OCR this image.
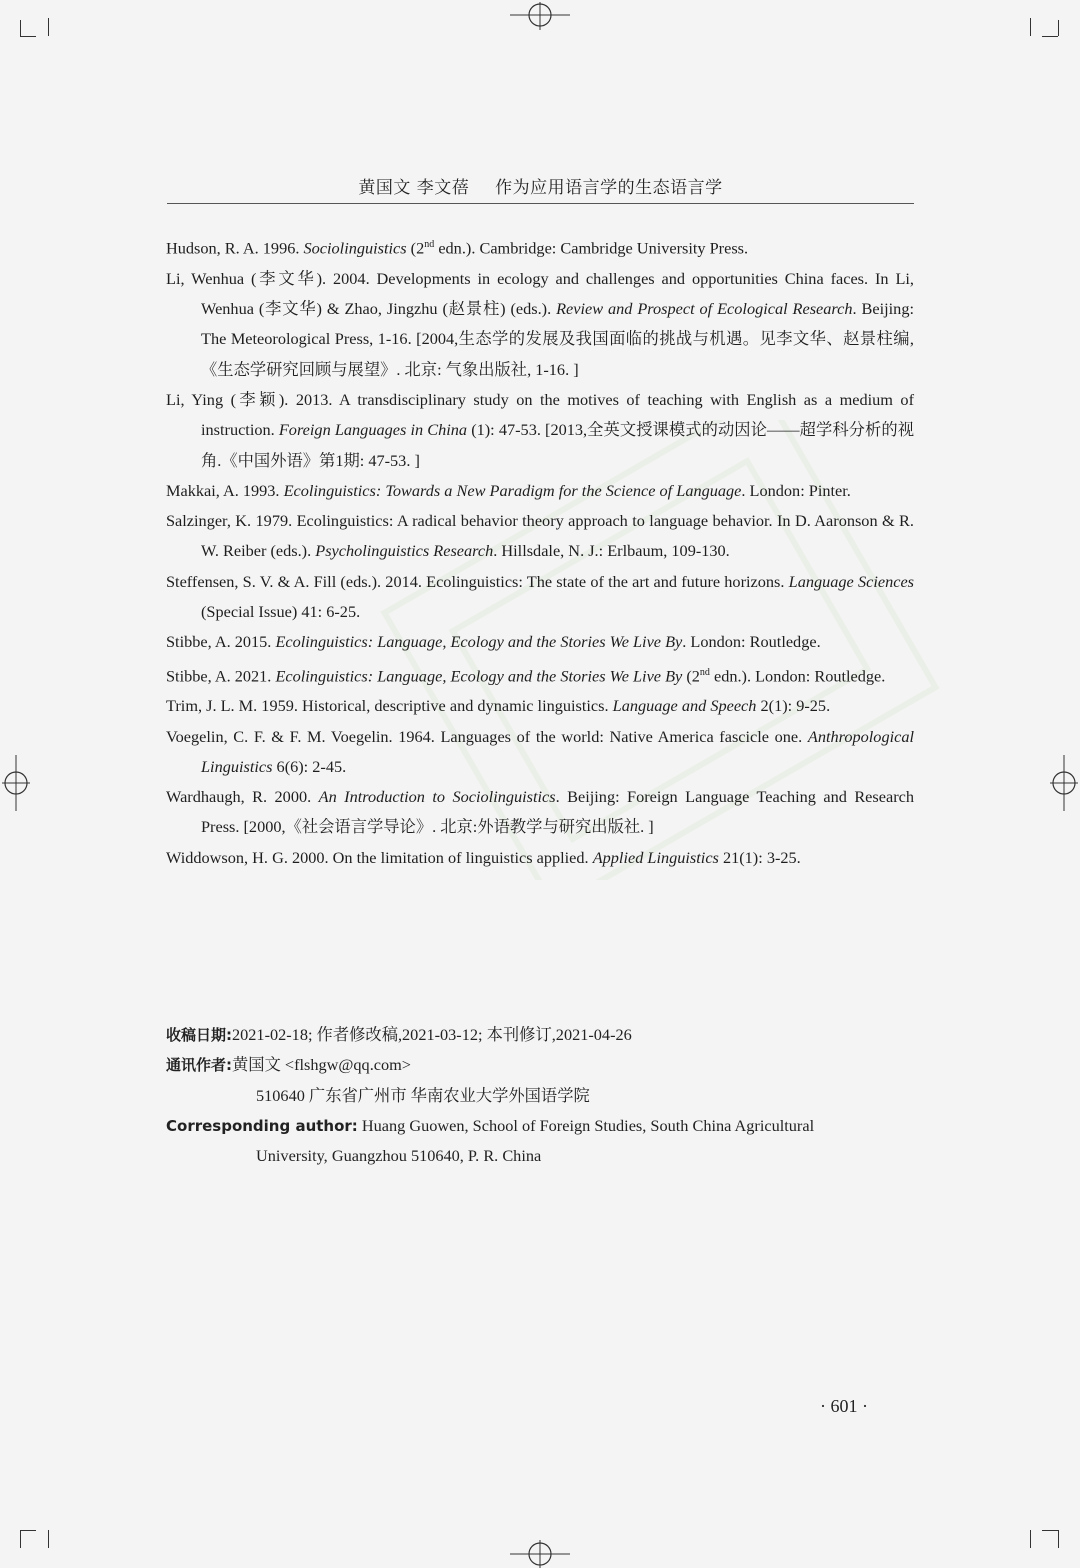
黄国文 李文蓓 作为应用语言学的生态语言学
Hudson, R. A. 1996. Sociolinguistics (2nd edn.). Cambridge: Cambridge University Press.
Li, Wenhua (李文华). 2004. Developments in ecology and challenges and opportunities China faces. In Li, Wenhua (李文华) & Zhao, Jingzhu (赵景柱) (eds.). Review and Prospect of Ecological Research. Beijing: The Meteorological Press, 1-16. [2004,生态学的发展及我国面临的挑战与机遇。见李文华、赵景柱编,《生态学研究回顾与展望》. 北京: 气象出版社, 1-16. ]
Li, Ying (李颖). 2013. A transdisciplinary study on the motives of teaching with English as a medium of instruction. Foreign Languages in China (1): 47-53. [2013,全英文授课模式的动因论——超学科分析的视角.《中国外语》第1期: 47-53. ]
Makkai, A. 1993. Ecolinguistics: Towards a New Paradigm for the Science of Language. London: Pinter.
Salzinger, K. 1979. Ecolinguistics: A radical behavior theory approach to language behavior. In D. Aaronson & R. W. Reiber (eds.). Psycholinguistics Research. Hillsdale, N. J.: Erlbaum, 109-130.
Steffensen, S. V. & A. Fill (eds.). 2014. Ecolinguistics: The state of the art and future horizons. Language Sciences (Special Issue) 41: 6-25.
Stibbe, A. 2015. Ecolinguistics: Language, Ecology and the Stories We Live By. London: Routledge.
Stibbe, A. 2021. Ecolinguistics: Language, Ecology and the Stories We Live By (2nd edn.). London: Routledge.
Trim, J. L. M. 1959. Historical, descriptive and dynamic linguistics. Language and Speech 2(1): 9-25.
Voegelin, C. F. & F. M. Voegelin. 1964. Languages of the world: Native America fascicle one. Anthropological Linguistics 6(6): 2-45.
Wardhaugh, R. 2000. An Introduction to Sociolinguistics. Beijing: Foreign Language Teaching and Research Press. [2000,《社会语言学导论》. 北京:外语教学与研究出版社. ]
Widdowson, H. G. 2000. On the limitation of linguistics applied. Applied Linguistics 21(1): 3-25.
收稿日期: 2021-02-18; 作者修改稿,2021-03-12; 本刊修订,2021-04-26
通讯作者: 黄国文 <flshgw@qq.com>
510640 广东省广州市 华南农业大学外国语学院
Corresponding author: Huang Guowen, School of Foreign Studies, South China Agricultural
University, Guangzhou 510640, P. R. China
· 601 ·
